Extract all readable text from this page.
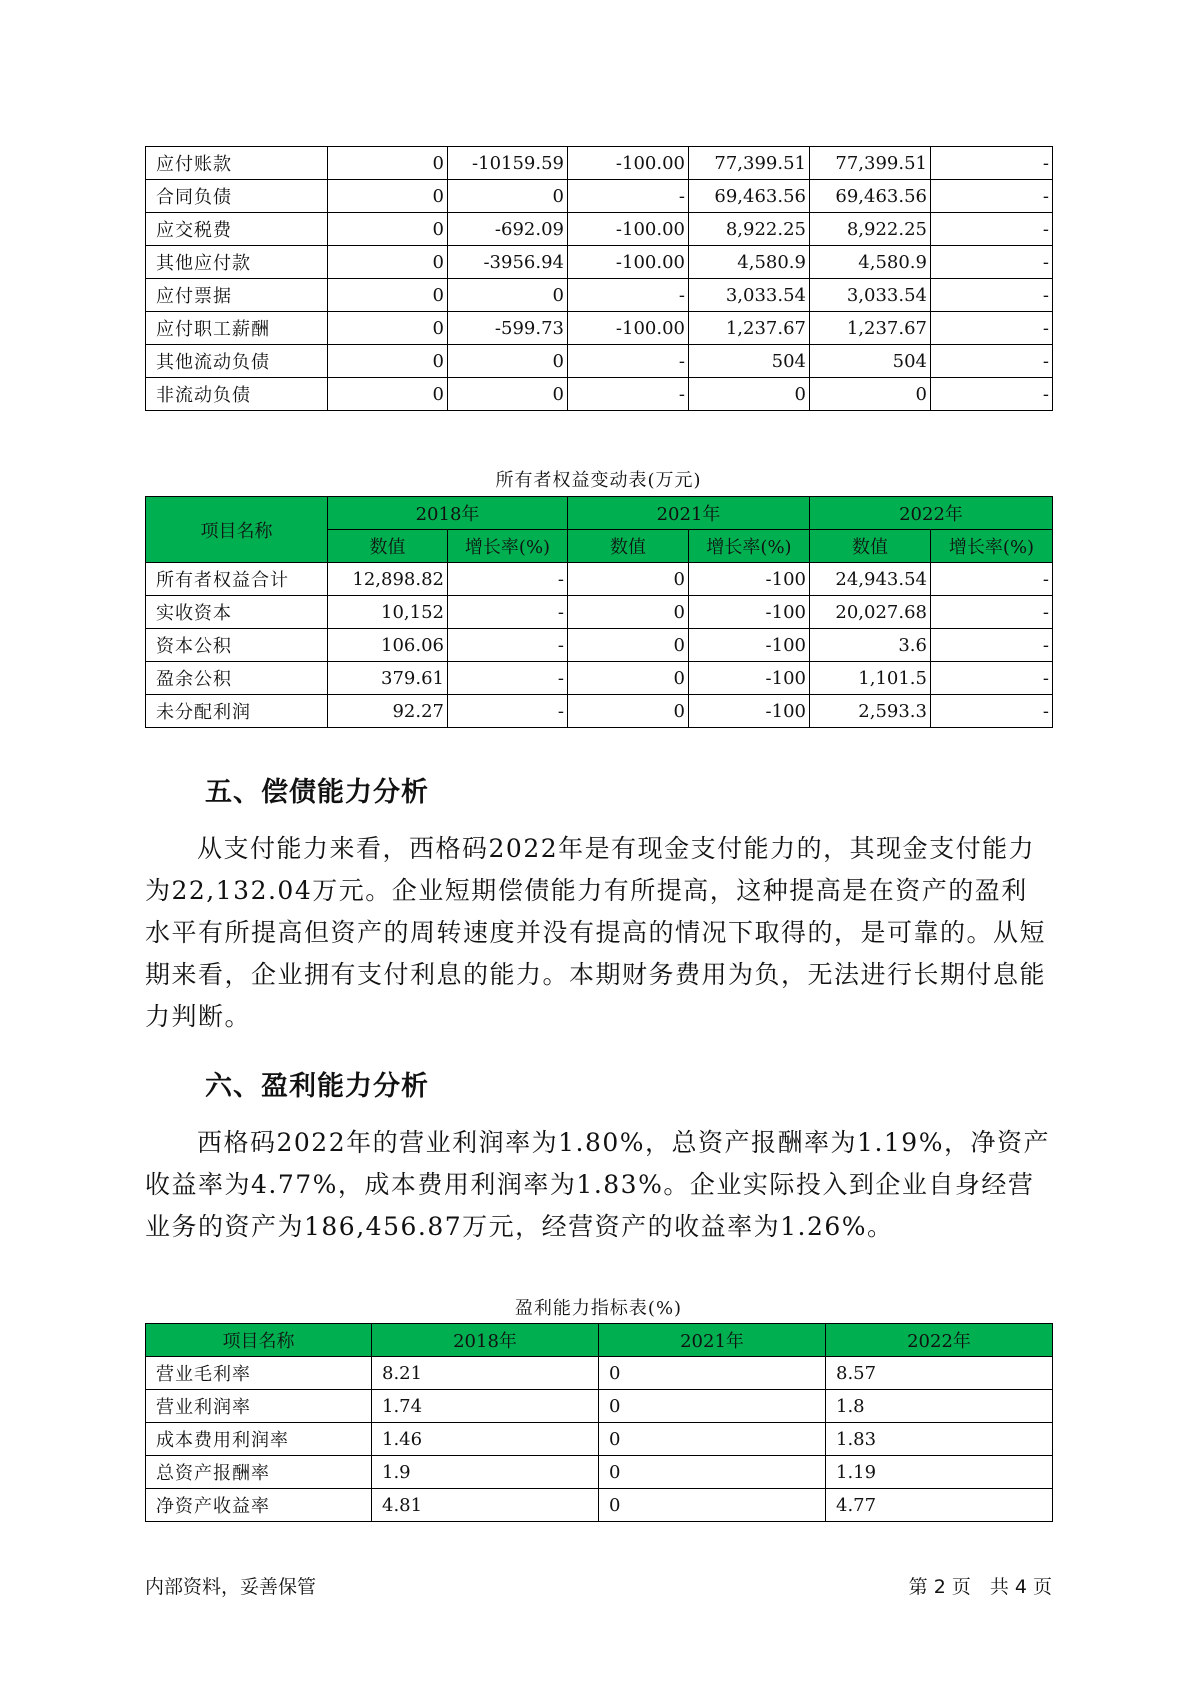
应付账款	0	-10159.59	-100.00	77,399.51	77,399.51	-
合同负债	0	0	-	69,463.56	69,463.56	-
应交税费	0	-692.09	-100.00	8,922.25	8,922.25	-
其他应付款	0	-3956.94	-100.00	4,580.9	4,580.9	-
应付票据	0	0	-	3,033.54	3,033.54	-
应付职工薪酬	0	-599.73	-100.00	1,237.67	1,237.67	-
其他流动负债	0	0	-	504	504	-
非流动负债	0	0	-	0	0	-
所有者权益变动表(万元)
项目名称	2018年		2021年		2022年	
	数值	增长率(%)	数值	增长率(%)	数值	增长率(%)
所有者权益合计	12,898.82	-	0	-100	24,943.54	-
实收资本	10,152	-	0	-100	20,027.68	-
资本公积	106.06	-	0	-100	3.6	-
盈余公积	379.61	-	0	-100	1,101.5	-
未分配利润	92.27	-	0	-100	2,593.3	-
五、偿债能力分析

从支付能力来看，西格码2022年是有现金支付能力的，其现金支付能力为22,132.04万元。企业短期偿债能力有所提高，这种提高是在资产的盈利水平有所提高但资产的周转速度并没有提高的情况下取得的，是可靠的。从短期来看，企业拥有支付利息的能力。本期财务费用为负，无法进行长期付息能力判断。

六、盈利能力分析

西格码2022年的营业利润率为1.80%，总资产报酬率为1.19%，净资产收益率为4.77%，成本费用利润率为1.83%。企业实际投入到企业自身经营业务的资产为186,456.87万元，经营资产的收益率为1.26%。

盈利能力指标表(%)
项目名称	2018年	2021年	2022年
营业毛利率	8.21	0	8.57
营业利润率	1.74	0	1.8
成本费用利润率	1.46	0	1.83
总资产报酬率	1.9	0	1.19
净资产收益率	4.81	0	4.77
内部资料，妥善保管	第 2 页　共 4 页
